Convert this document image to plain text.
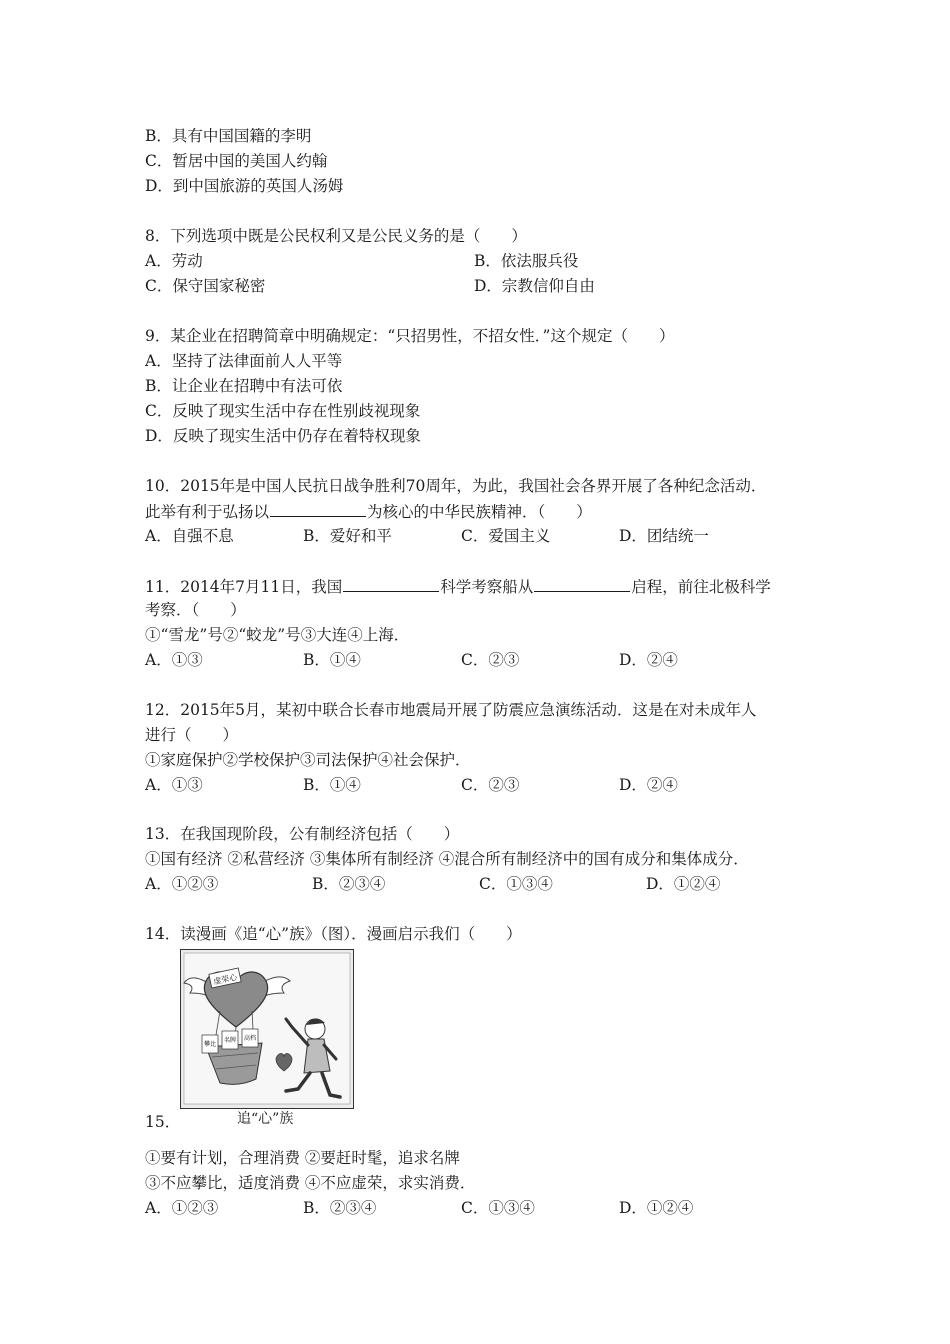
B．具有中国国籍的李明
C．暂居中国的美国人约翰
D．到中国旅游的英国人汤姆
8．下列选项中既是公民权利又是公民义务的是（　　）
A．劳动	B．依法服兵役
C．保守国家秘密	D．宗教信仰自由
9．某企业在招聘简章中明确规定：“只招男性，不招女性．”这个规定（　　）
A．坚持了法律面前人人平等
B．让企业在招聘中有法可依
C．反映了现实生活中存在性别歧视现象
D．反映了现实生活中仍存在着特权现象
10．2015年是中国人民抗日战争胜利70周年，为此，我国社会各界开展了各种纪念活动．
此举有利于弘扬以	为核心的中华民族精神．（　　）
A．自强不息	B．爱好和平	C．爱国主义	D．团结统一
11．2014年7月11日，我国	科学考察船从	启程，前往北极科学
考察．（　　）
①“雪龙”号②“蛟龙”号③大连④上海．
A．①③	B．①④	C．②③	D．②④
12．2015年5月，某初中联合长春市地震局开展了防震应急演练活动．这是在对未成年人
进行（　　）
①家庭保护②学校保护③司法保护④社会保护．
A．①③	B．①④	C．②③	D．②④
13．在我国现阶段，公有制经济包括（　　）
①国有经济 ②私营经济 ③集体所有制经济 ④混合所有制经济中的国有成分和集体成分．
A．①②③	B．②③④	C．①③④	D．①②④
14．读漫画《追“心”族》（图）．漫画启示我们（　　）
虚荣心
攀比
名牌 高档
15．	追“心”族
①要有计划，合理消费 ②要赶时髦，追求名牌
③不应攀比，适度消费 ④不应虚荣，求实消费．
A．①②③	B．②③④	C．①③④	D．①②④
